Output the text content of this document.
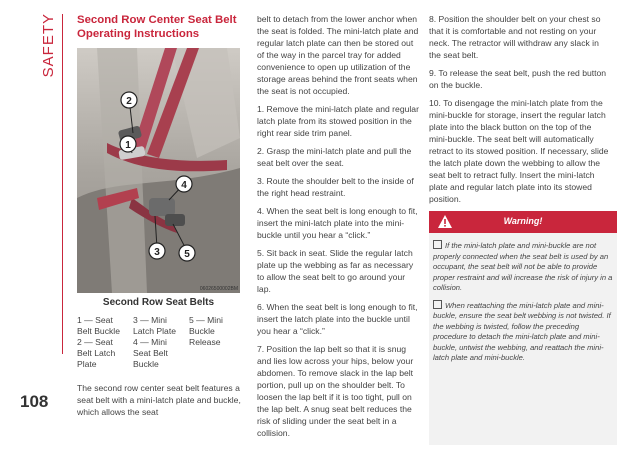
SAFETY
108
Second Row Center Seat Belt Operating Instructions
2
1
4
3 5
06026500002BM
Second Row Seat Belts
1 — Seat Belt Buckle
2 — Seat Belt Latch Plate
3 — Mini Latch Plate
4 — Mini Seat Belt Buckle
5 — Mini Buckle Release
The second row center seat belt features a seat belt with a mini-latch plate and buckle, which allows the seat

belt to detach from the lower anchor when the seat is folded. The mini-latch plate and regular latch plate can then be stored out of the way in the parcel tray for added convenience to open up utilization of the storage areas behind the front seats when the seat is not occupied.

1. Remove the mini-latch plate and regular latch plate from its stowed position in the right rear side trim panel.

2. Grasp the mini-latch plate and pull the seat belt over the seat.

3. Route the shoulder belt to the inside of the right head restraint.

4. When the seat belt is long enough to fit, insert the mini-latch plate into the mini-buckle until you hear a “click.”

5. Sit back in seat. Slide the regular latch plate up the webbing as far as necessary to allow the seat belt to go around your lap.

6. When the seat belt is long enough to fit, insert the latch plate into the buckle until you hear a “click.”

7. Position the lap belt so that it is snug and lies low across your hips, below your abdomen. To remove slack in the lap belt portion, pull up on the shoulder belt. To loosen the lap belt if it is too tight, pull on the lap belt. A snug seat belt reduces the risk of sliding under the seat belt in a collision.

8. Position the shoulder belt on your chest so that it is comfortable and not resting on your neck. The retractor will withdraw any slack in the seat belt.

9. To release the seat belt, push the red button on the buckle.

10. To disengage the mini-latch plate from the mini-buckle for storage, insert the regular latch plate into the black button on the top of the mini-buckle. The seat belt will automatically retract to its stowed position. If necessary, slide the latch plate down the webbing to allow the seat belt to retract fully. Insert the mini-latch plate and regular latch plate into its stowed position.

Warning!

If the mini-latch plate and mini-buckle are not properly connected when the seat belt is used by an occupant, the seat belt will not be able to provide proper restraint and will increase the risk of injury in a collision.

When reattaching the mini-latch plate and mini-buckle, ensure the seat belt webbing is not twisted. If the webbing is twisted, follow the preceding procedure to detach the mini-latch plate and mini-buckle, untwist the webbing, and reattach the mini-latch plate and mini-buckle.
